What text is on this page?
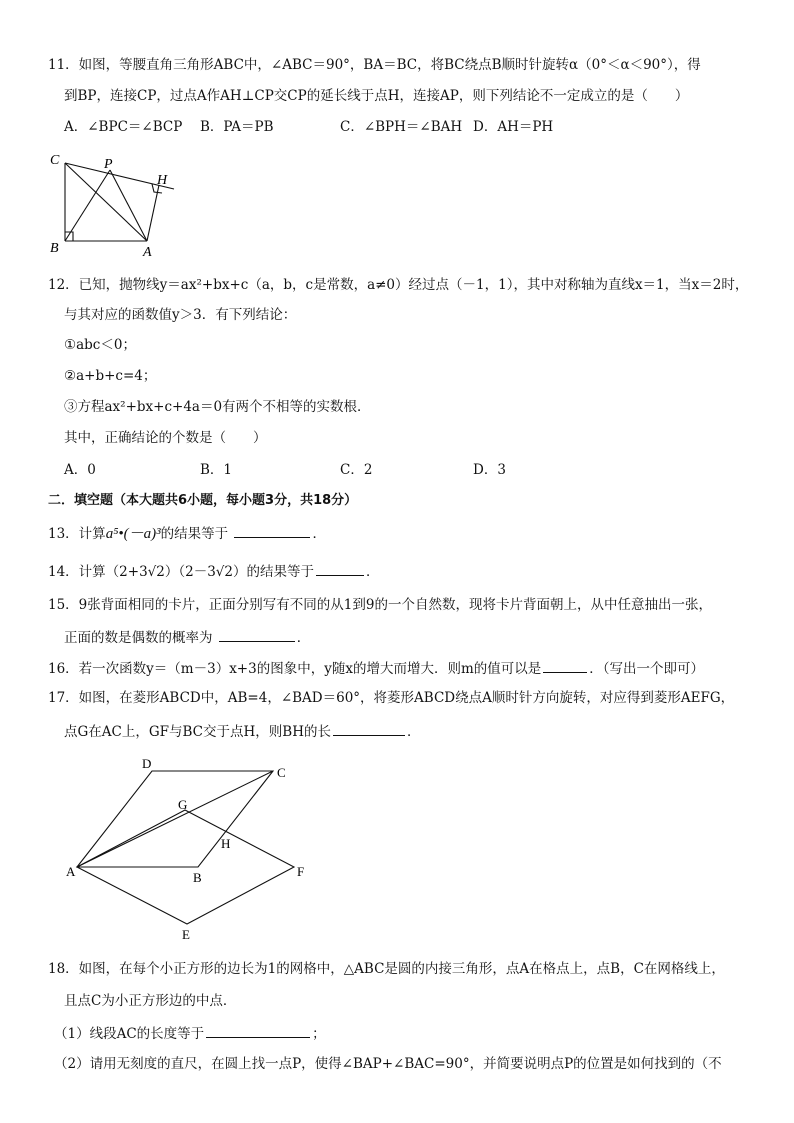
11．如图，等腰直角三角形ABC中，∠ABC＝90°，BA＝BC，将BC绕点B顺时针旋转α（0°＜α＜90°），得
到BP，连接CP，过点A作AH⊥CP交CP的延长线于点H，连接AP，则下列结论不一定成立的是（　　）
A．∠BPC＝∠BCP B．PA＝PB	C．∠BPH＝∠BAH D．AH＝PH
C	P
H
B	A
12．已知，抛物线y＝ax²+bx+c（a，b，c是常数，a≠0）经过点（－1，1），其中对称轴为直线x＝1，当x＝2时，
与其对应的函数值y＞3．有下列结论：
①abc＜0；
②a+b+c=4；
③方程ax²+bx+c+4a＝0有两个不相等的实数根．
其中，正确结论的个数是（　　）
A．0	B．1	C．2	D．3
二．填空题（本大题共6小题，每小题3分，共18分）
13．计算a⁵•(－a)³的结果等于	．
14．计算（2+3√2）（2－3√2）的结果等于	．
15．9张背面相同的卡片，正面分别写有不同的从1到9的一个自然数，现将卡片背面朝上，从中任意抽出一张，
正面的数是偶数的概率为	．
16．若一次函数y＝（m－3）x+3的图象中，y随x的增大而增大．则m的值可以是	．（写出一个即可）
17．如图，在菱形ABCD中，AB=4，∠BAD＝60°，将菱形ABCD绕点A顺时针方向旋转，对应得到菱形AEFG，
点G在AC上，GF与BC交于点H，则BH的长	．
D
C
G
H
A	B	F
E
18．如图，在每个小正方形的边长为1的网格中，△ABC是圆的内接三角形，点A在格点上，点B，C在网格线上，
且点C为小正方形边的中点．
（1）线段AC的长度等于	；
（2）请用无刻度的直尺，在圆上找一点P，使得∠BAP+∠BAC=90°，并简要说明点P的位置是如何找到的（不
